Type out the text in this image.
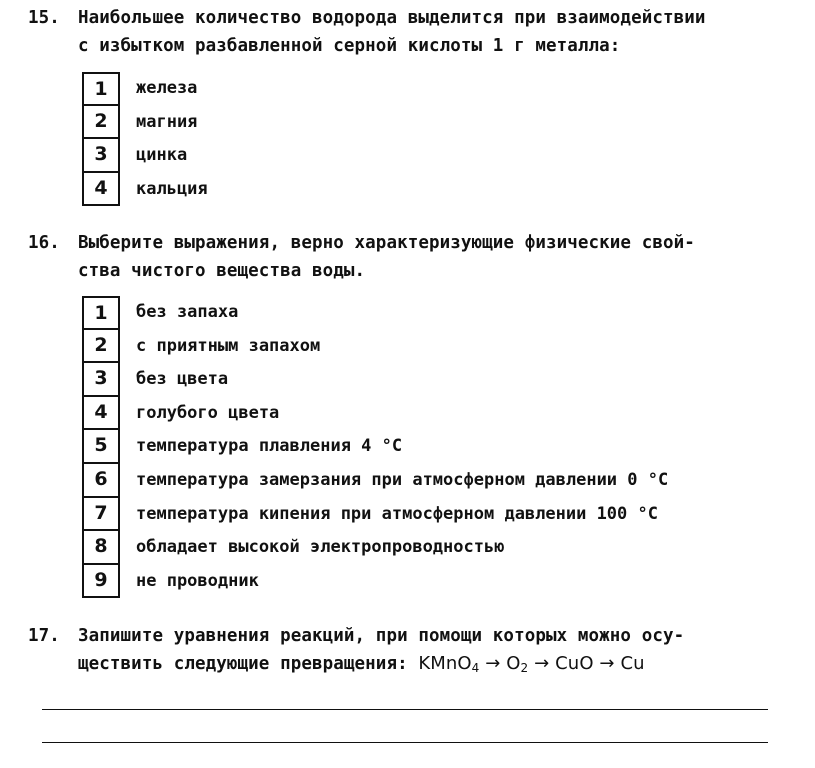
15. Наибольшее количество водорода выделится при взаимодействии
с избытком разбавленной серной кислоты 1 г металла:
1	железа
2	магния
3	цинка
4	кальция
16. Выберите выражения, верно характеризующие физические свой-
ства чистого вещества воды.
1	без запаха
2	с приятным запахом
3	без цвета
4	голубого цвета
5	температура плавления 4 °C
6	температура замерзания при атмосферном давлении 0 °C
7	температура кипения при атмосферном давлении 100 °C
8	обладает высокой электропроводностью
9	не проводник
17. Запишите уравнения реакций, при помощи которых можно осу-
ществить следующие превращения: KMnO$_4$ → $O_2$ → CuO → Cu
